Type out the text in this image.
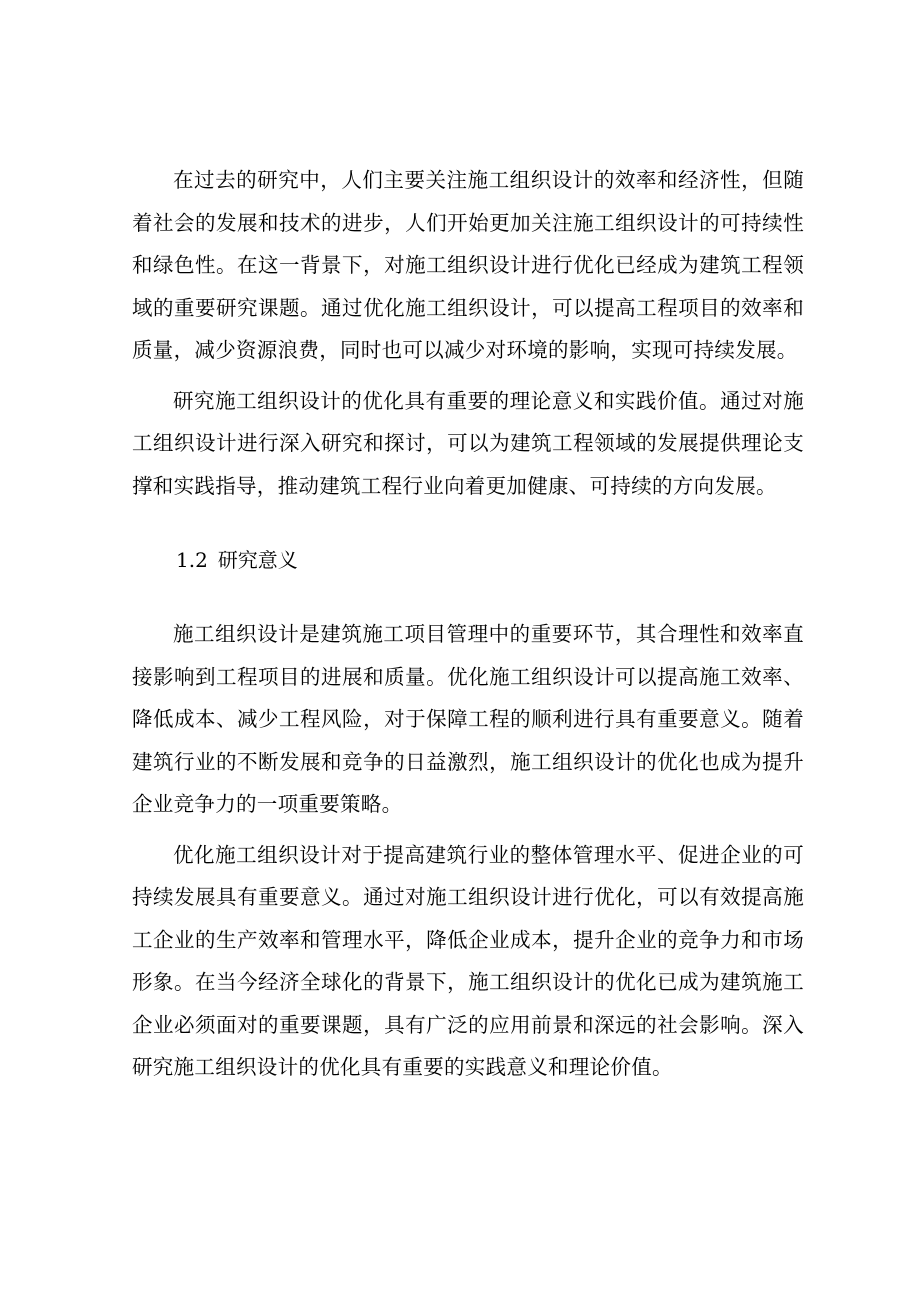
在过去的研究中，人们主要关注施工组织设计的效率和经济性，但随着社会的发展和技术的进步，人们开始更加关注施工组织设计的可持续性和绿色性。在这一背景下，对施工组织设计进行优化已经成为建筑工程领域的重要研究课题。通过优化施工组织设计，可以提高工程项目的效率和质量，减少资源浪费，同时也可以减少对环境的影响，实现可持续发展。

研究施工组织设计的优化具有重要的理论意义和实践价值。通过对施工组织设计进行深入研究和探讨，可以为建筑工程领域的发展提供理论支撑和实践指导，推动建筑工程行业向着更加健康、可持续的方向发展。

1.2 研究意义

施工组织设计是建筑施工项目管理中的重要环节，其合理性和效率直接影响到工程项目的进展和质量。优化施工组织设计可以提高施工效率、降低成本、减少工程风险，对于保障工程的顺利进行具有重要意义。随着建筑行业的不断发展和竞争的日益激烈，施工组织设计的优化也成为提升企业竞争力的一项重要策略。

优化施工组织设计对于提高建筑行业的整体管理水平、促进企业的可持续发展具有重要意义。通过对施工组织设计进行优化，可以有效提高施工企业的生产效率和管理水平，降低企业成本，提升企业的竞争力和市场形象。在当今经济全球化的背景下，施工组织设计的优化已成为建筑施工企业必须面对的重要课题，具有广泛的应用前景和深远的社会影响。深入研究施工组织设计的优化具有重要的实践意义和理论价值。
